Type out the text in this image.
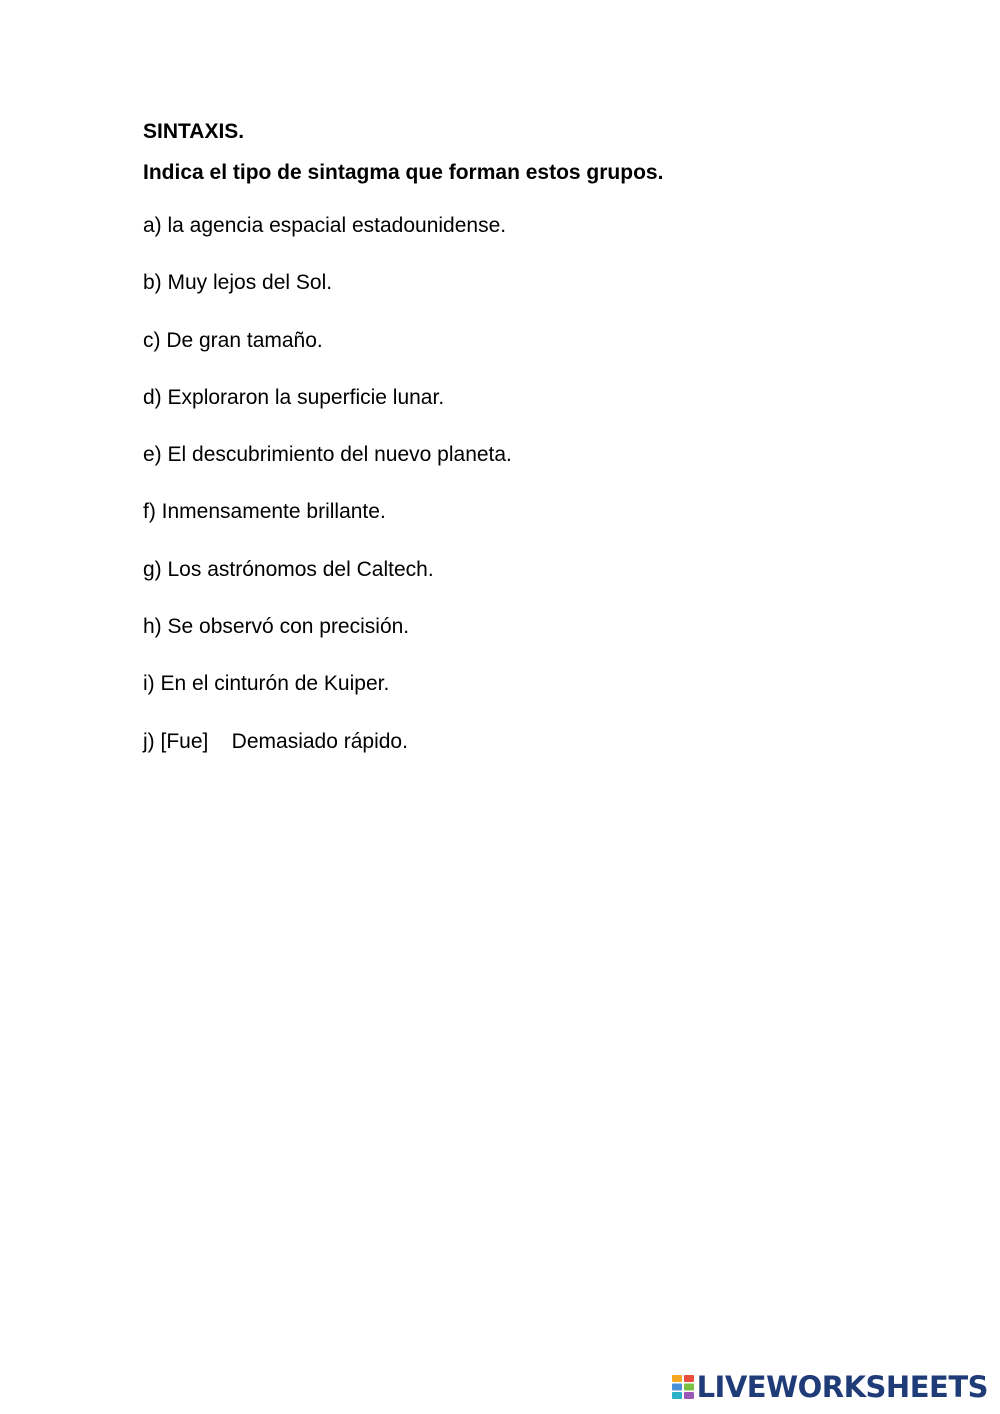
SINTAXIS.
Indica el tipo de sintagma que forman estos grupos.
a) la agencia espacial estadounidense.
b) Muy lejos del Sol.
c) De gran tamaño.
d) Exploraron la superficie lunar.
e) El descubrimiento del nuevo planeta.
f) Inmensamente brillante.
g) Los astrónomos del Caltech.
h) Se observó con precisión.
i) En el cinturón de Kuiper.
j) [Fue]    Demasiado rápido.
LIVEWORKSHEETS
